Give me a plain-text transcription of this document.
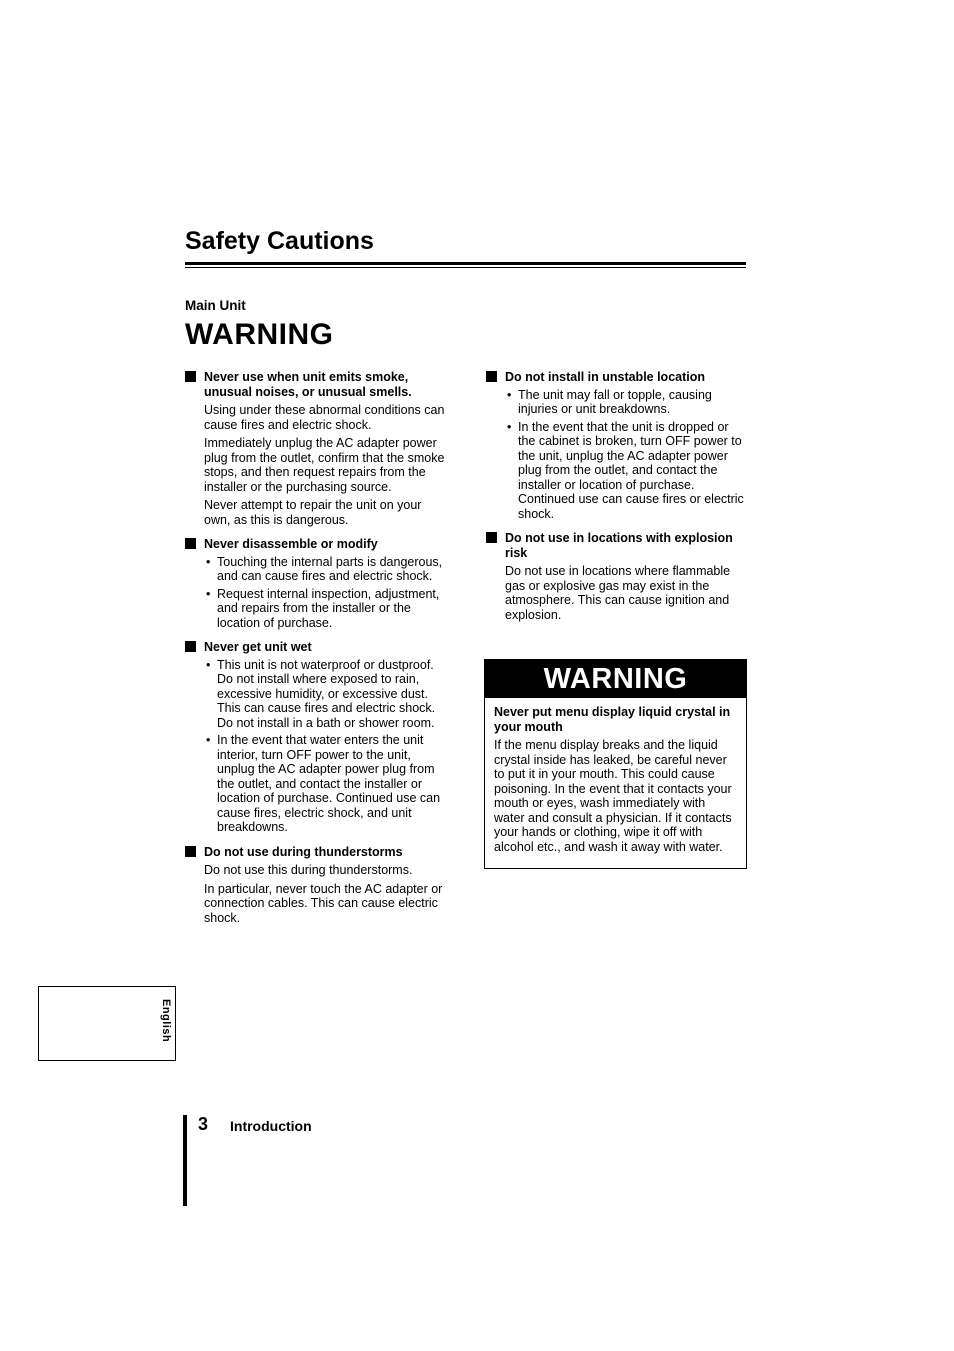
Safety Cautions
Main Unit
WARNING
Never use when unit emits smoke, unusual noises, or unusual smells.
Using under these abnormal conditions can cause fires and electric shock.
Immediately unplug the AC adapter power plug from the outlet, confirm that the smoke stops, and then request repairs from the installer or the purchasing source.
Never attempt to repair the unit on your own, as this is dangerous.
Never disassemble or modify
• Touching the internal parts is dangerous, and can cause fires and electric shock.
• Request internal inspection, adjustment, and repairs from the installer or the location of purchase.
Never get unit wet
• This unit is not waterproof or dustproof. Do not install where exposed to rain, excessive humidity, or excessive dust. This can cause fires and electric shock. Do not install in a bath or shower room.
• In the event that water enters the unit interior, turn OFF power to the unit, unplug the AC adapter power plug from the outlet, and contact the installer or location of purchase. Continued use can cause fires, electric shock, and unit breakdowns.
Do not use during thunderstorms
Do not use this during thunderstorms.
In particular, never touch the AC adapter or connection cables. This can cause electric shock.
Do not install in unstable location
• The unit may fall or topple, causing injuries or unit breakdowns.
• In the event that the unit is dropped or the cabinet is broken, turn OFF power to the unit, unplug the AC adapter power plug from the outlet, and contact the installer or location of purchase. Continued use can cause fires or electric shock.
Do not use in locations with explosion risk
Do not use in locations where flammable gas or explosive gas may exist in the atmosphere. This can cause ignition and explosion.
WARNING
Never put menu display liquid crystal in your mouth
If the menu display breaks and the liquid crystal inside has leaked, be careful never to put it in your mouth. This could cause poisoning. In the event that it contacts your mouth or eyes, wash immediately with water and consult a physician. If it contacts your hands or clothing, wipe it off with alcohol etc., and wash it away with water.
English
3 Introduction
